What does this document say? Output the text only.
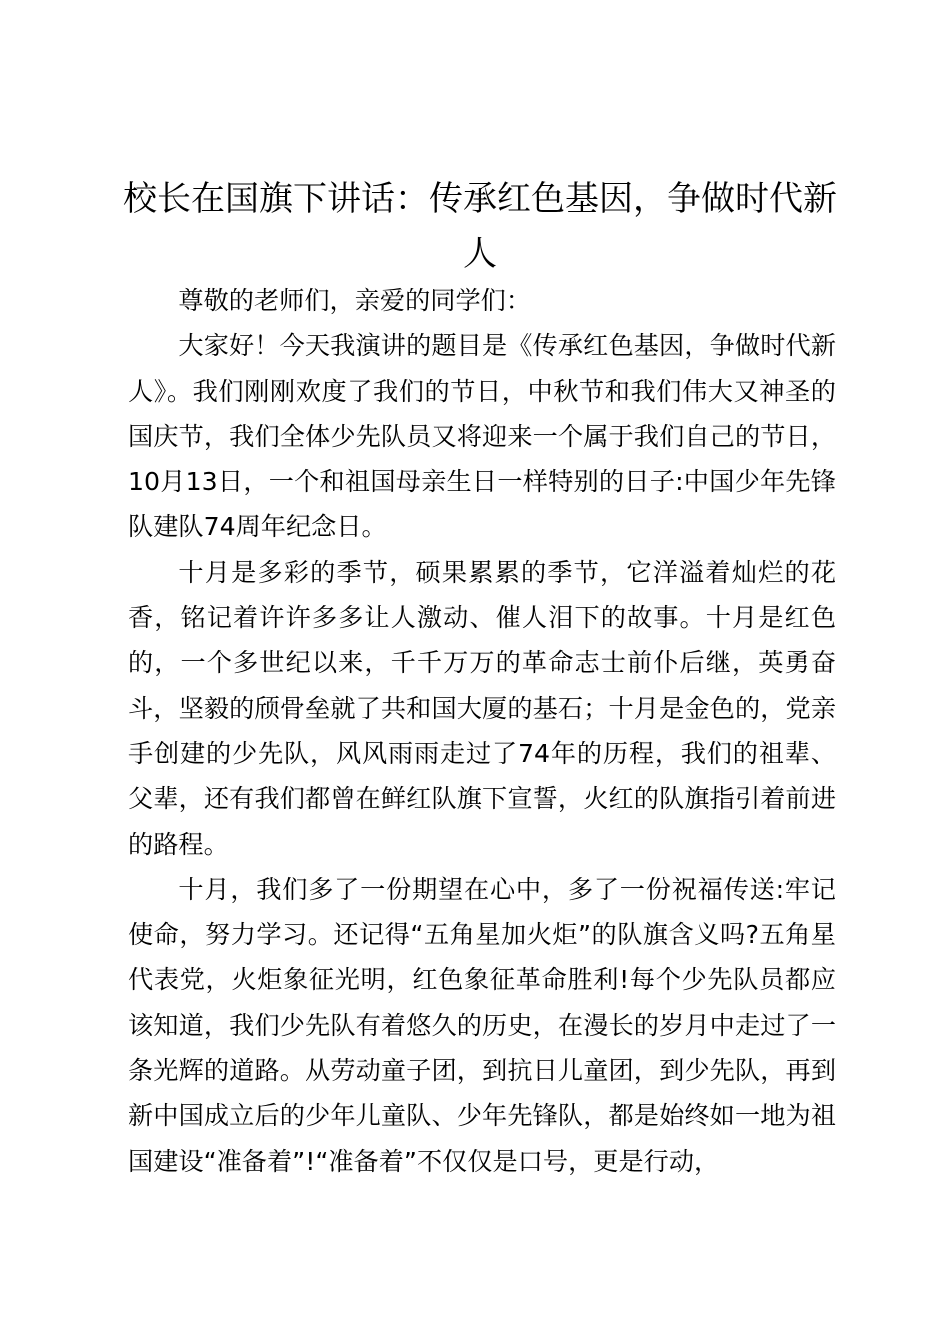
校长在国旗下讲话：传承红色基因，争做时代新人

尊敬的老师们，亲爱的同学们：

大家好！今天我演讲的题目是《传承红色基因，争做时代新人》。我们刚刚欢度了我们的节日，中秋节和我们伟大又神圣的国庆节，我们全体少先队员又将迎来一个属于我们自己的节日，10月13日，一个和祖国母亲生日一样特别的日子:中国少年先锋队建队74周年纪念日。

十月是多彩的季节，硕果累累的季节，它洋溢着灿烂的花香，铭记着许许多多让人激动、催人泪下的故事。十月是红色的，一个多世纪以来，千千万万的革命志士前仆后继，英勇奋斗，坚毅的颀骨垒就了共和国大厦的基石；十月是金色的，党亲手创建的少先队，风风雨雨走过了74年的历程，我们的祖辈、父辈，还有我们都曾在鲜红队旗下宣誓，火红的队旗指引着前进的路程。

十月，我们多了一份期望在心中，多了一份祝福传送:牢记使命，努力学习。还记得“五角星加火炬”的队旗含义吗?五角星代表党，火炬象征光明，红色象征革命胜利!每个少先队员都应该知道，我们少先队有着悠久的历史，在漫长的岁月中走过了一条光辉的道路。从劳动童子团，到抗日儿童团，到少先队，再到新中国成立后的少年儿童队、少年先锋队，都是始终如一地为祖国建设“准备着”!“准备着”不仅仅是口号，更是行动，
